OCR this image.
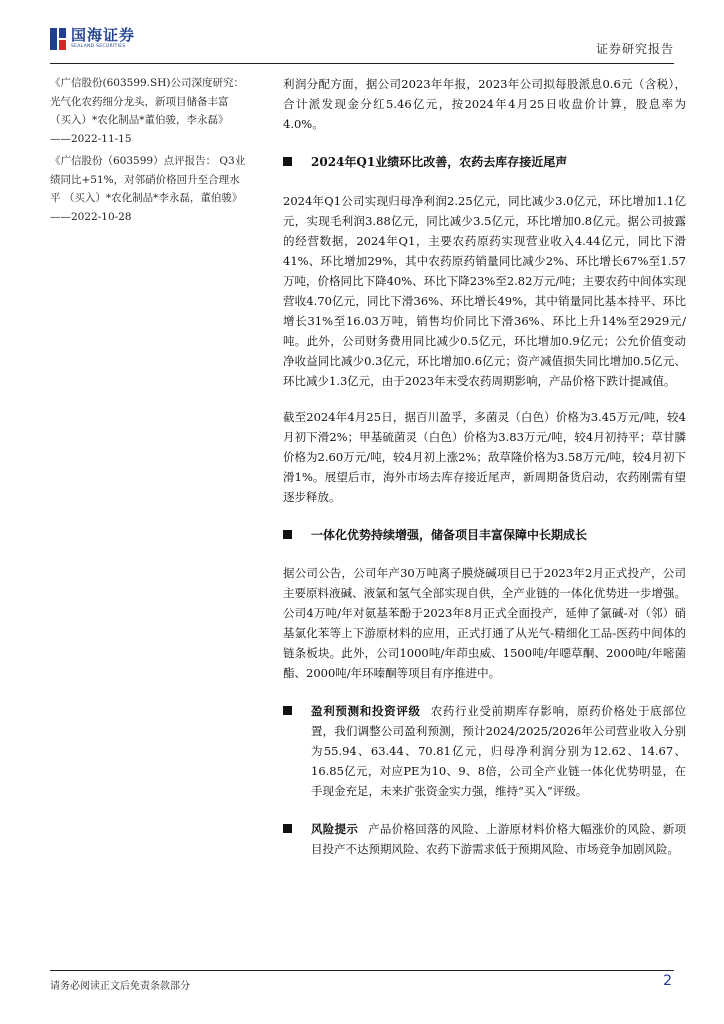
国海证券
SEALAND SECURITIES	证券研究报告

《广信股份(603599.SH)公司深度研究：光气化农药细分龙头，新项目储备丰富（买入）*农化制品*董伯骏，李永磊》——2022-11-15

《广信股份（603599）点评报告： Q3业绩同比+51%，对邻硝价格回升至合理水平 （买入）*农化制品*李永磊，董伯骏》——2022-10-28

利润分配方面，据公司2023年年报，2023年公司拟每股派息0.6元（含税），合计派发现金分红5.46亿元，按2024年4月25日收盘价计算，股息率为4.0%。

2024年Q1业绩环比改善，农药去库存接近尾声

2024年Q1公司实现归母净利润2.25亿元，同比减少3.0亿元，环比增加1.1亿元，实现毛利润3.88亿元，同比减少3.5亿元，环比增加0.8亿元。据公司披露的经营数据，2024年Q1，主要农药原药实现营业收入4.44亿元，同比下滑41%、环比增加29%，其中农药原药销量同比减少2%、环比增长67%至1.57万吨，价格同比下降40%、环比下降23%至2.82万元/吨；主要农药中间体实现营收4.70亿元，同比下滑36%、环比增长49%，其中销量同比基本持平、环比增长31%至16.03万吨，销售均价同比下滑36%、环比上升14%至2929元/吨。此外，公司财务费用同比减少0.5亿元，环比增加0.9亿元；公允价值变动净收益同比减少0.3亿元，环比增加0.6亿元；资产减值损失同比增加0.5亿元、环比减少1.3亿元，由于2023年末受农药周期影响，产品价格下跌计提减值。

截至2024年4月25日，据百川盈孚，多菌灵（白色）价格为3.45万元/吨，较4月初下滑2%；甲基硫菌灵（白色）价格为3.83万元/吨，较4月初持平；草甘膦价格为2.60万元/吨，较4月初上涨2%；敌草隆价格为3.58万元/吨，较4月初下滑1%。展望后市，海外市场去库存接近尾声，新周期备货启动，农药刚需有望逐步释放。

一体化优势持续增强，储备项目丰富保障中长期成长

据公司公告，公司年产30万吨离子膜烧碱项目已于2023年2月正式投产，公司主要原料液碱、液氯和氢气全部实现自供，全产业链的一体化优势进一步增强。公司4万吨/年对氨基苯酚于2023年8月正式全面投产，延伸了氯碱-对（邻）硝基氯化苯等上下游原材料的应用，正式打通了从光气-精细化工品-医药中间体的链条板块。此外，公司1000吨/年茚虫威、1500吨/年噁草酮、2000吨/年嘧菌酯、2000吨/年环嗪酮等项目有序推进中。

盈利预测和投资评级 农药行业受前期库存影响，原药价格处于底部位置，我们调整公司盈利预测，预计2024/2025/2026年公司营业收入分别为55.94、63.44、70.81亿元，归母净利润分别为12.62、14.67、16.85亿元，对应PE为10、9、8倍，公司全产业链一体化优势明显，在手现金充足，未来扩张资金实力强，维持“买入”评级。

风险提示 产品价格回落的风险、上游原材料价格大幅涨价的风险、新项目投产不达预期风险、农药下游需求低于预期风险、市场竞争加剧风险。

请务必阅读正文后免责条款部分	2
